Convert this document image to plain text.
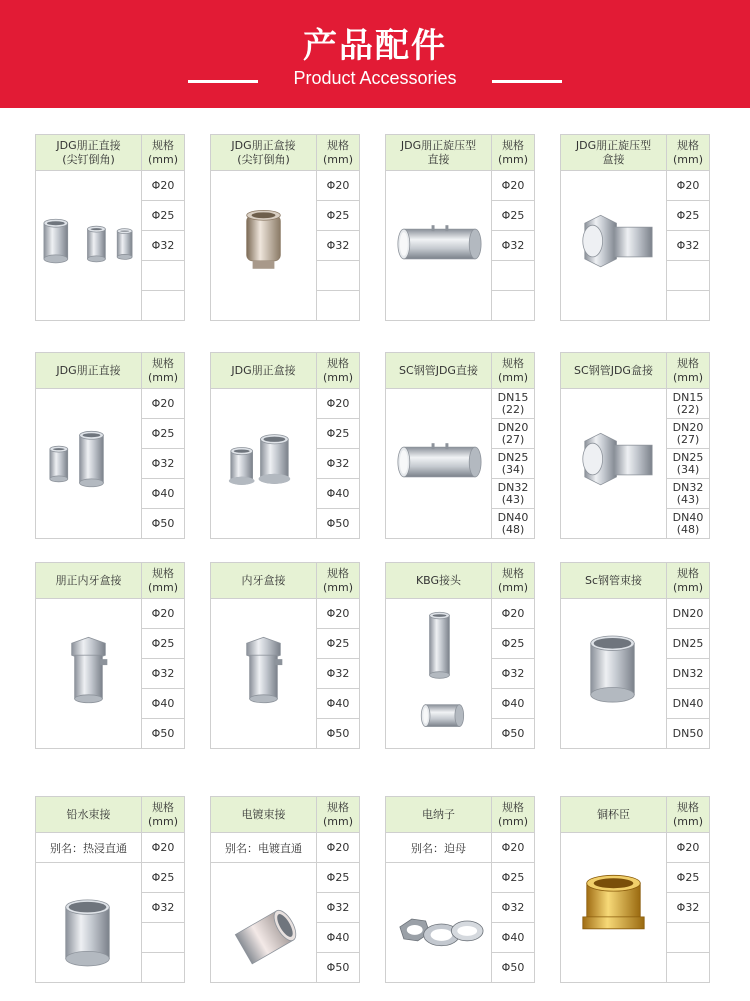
产品配件
Product Accessories
JDG朋正直接
(尖钉倒角)
规格
(mm)
Φ20
Φ25
Φ32
JDG朋正盒接
(尖钉倒角)
规格
(mm)
Φ20
Φ25
Φ32
JDG朋正旋压型
直接
规格
(mm)
Φ20
Φ25
Φ32
JDG朋正旋压型
盒接
规格
(mm)
Φ20
Φ25
Φ32
JDG朋正直接
规格
(mm)
Φ20
Φ25
Φ32
Φ40
Φ50
JDG朋正盒接
规格
(mm)
Φ20
Φ25
Φ32
Φ40
Φ50
SC钢管JDG直接
规格
(mm)
DN15
(22)
DN20
(27)
DN25
(34)
DN32
(43)
DN40
(48)
SC钢管JDG盒接
规格
(mm)
DN15
(22)
DN20
(27)
DN25
(34)
DN32
(43)
DN40
(48)
朋正内牙盒接
规格
(mm)
Φ20
Φ25
Φ32
Φ40
Φ50
内牙盒接
规格
(mm)
Φ20
Φ25
Φ32
Φ40
Φ50
KBG接头
规格
(mm)
Φ20
Φ25
Φ32
Φ40
Φ50
Sc钢管束接
规格
(mm)
DN20
DN25
DN32
DN40
DN50
铅水束接
规格
(mm)
别名：热浸直通	Φ20
Φ25
Φ32
电镀束接
规格
(mm)
别名：电镀直通	Φ20
Φ25
Φ32
Φ40
Φ50
电纳子
规格
(mm)
别名：迫母	Φ20
Φ25
Φ32
Φ40
Φ50
铜杯臣
规格
(mm)
Φ20
Φ25
Φ32
